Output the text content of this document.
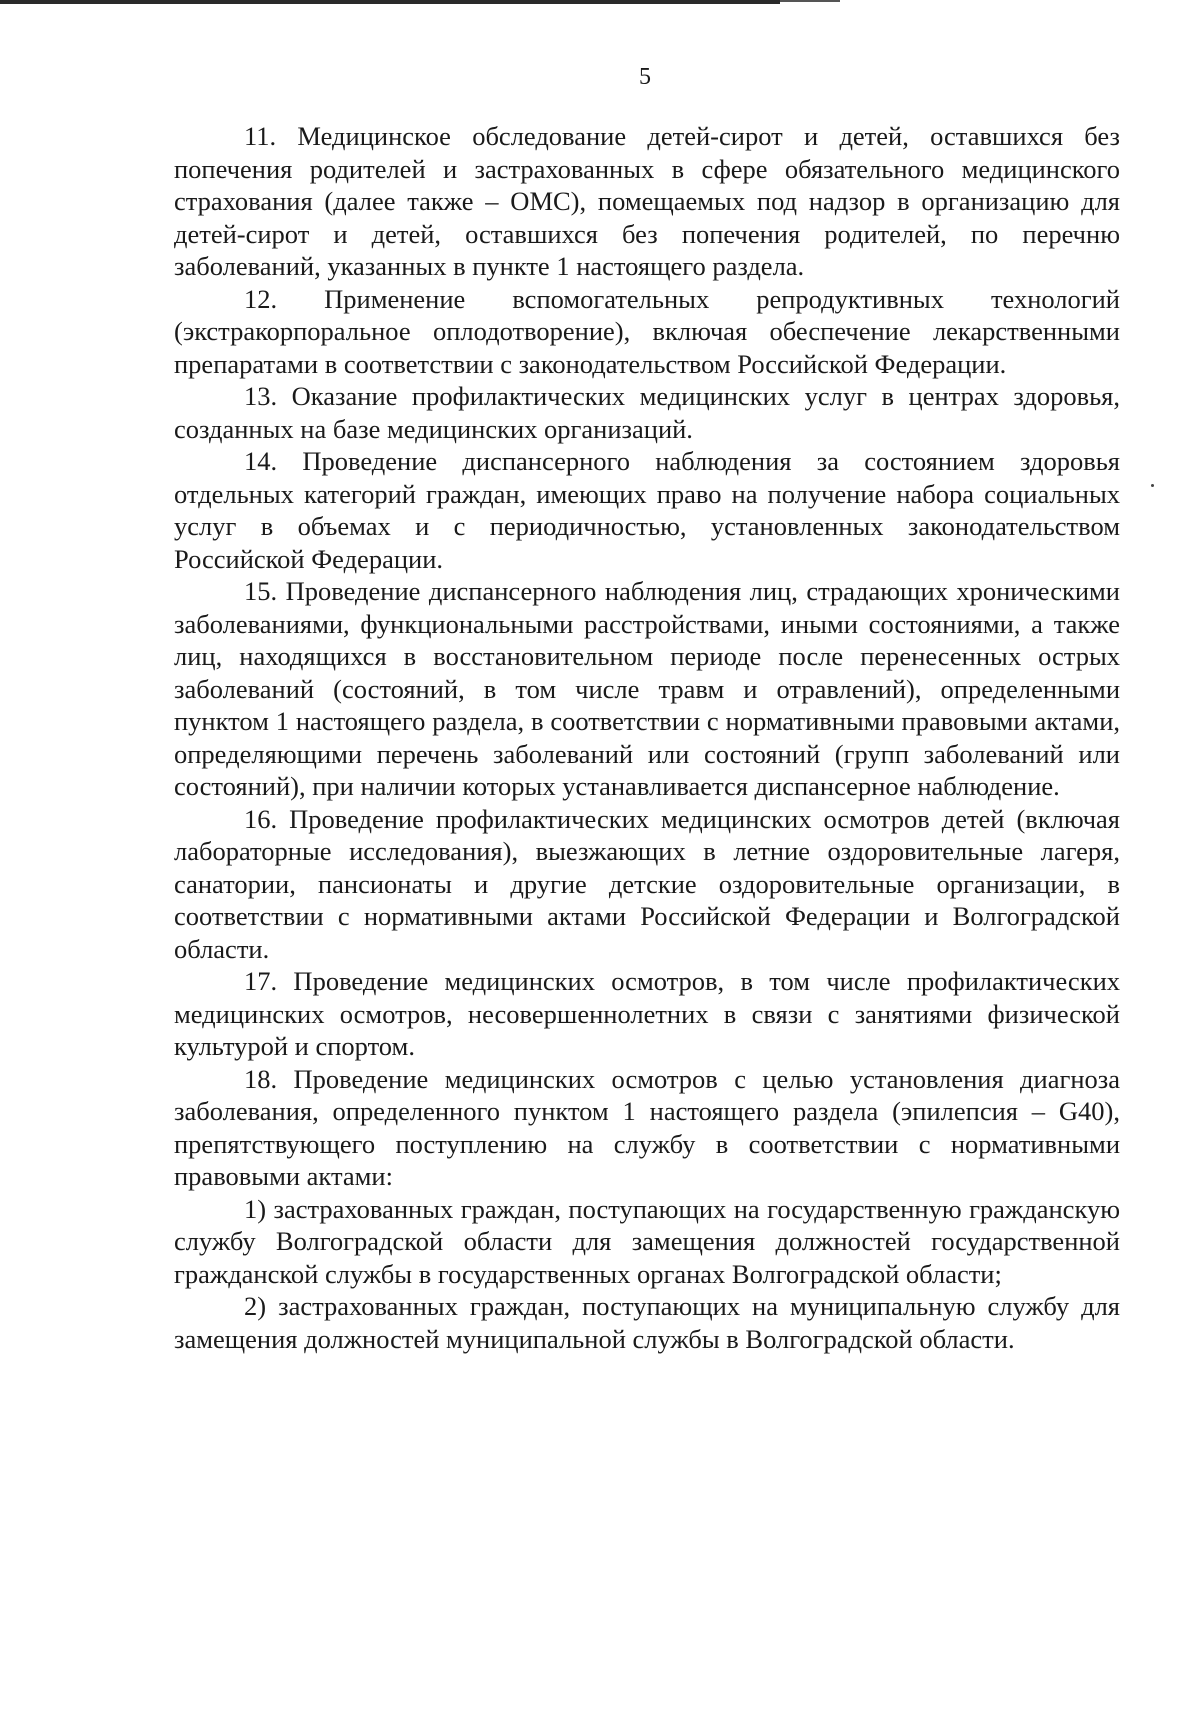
5

11. Медицинское обследование детей-сирот и детей, оставшихся без попечения родителей и застрахованных в сфере обязательного медицинского страхования (далее также – ОМС), помещаемых под надзор в организацию для детей-сирот и детей, оставшихся без попечения родителей, по перечню заболеваний, указанных в пункте 1 настоящего раздела.

12. Применение вспомогательных репродуктивных технологий (экстракорпоральное оплодотворение), включая обеспечение лекарственными препаратами в соответствии с законодательством Российской Федерации.

13. Оказание профилактических медицинских услуг в центрах здоровья, созданных на базе медицинских организаций.

14. Проведение диспансерного наблюдения за состоянием здоровья отдельных категорий граждан, имеющих право на получение набора социальных услуг в объемах и с периодичностью, установленных законодательством Российской Федерации.

15. Проведение диспансерного наблюдения лиц, страдающих хроническими заболеваниями, функциональными расстройствами, иными состояниями, а также лиц, находящихся в восстановительном периоде после перенесенных острых заболеваний (состояний, в том числе травм и отравлений), определенными пунктом 1 настоящего раздела, в соответствии с нормативными правовыми актами, определяющими перечень заболеваний или состояний (групп заболеваний или состояний), при наличии которых устанавливается диспансерное наблюдение.

16. Проведение профилактических медицинских осмотров детей (включая лабораторные исследования), выезжающих в летние оздоровительные лагеря, санатории, пансионаты и другие детские оздоровительные организации, в соответствии с нормативными актами Российской Федерации и Волгоградской области.

17. Проведение медицинских осмотров, в том числе профилактических медицинских осмотров, несовершеннолетних в связи с занятиями физической культурой и спортом.

18. Проведение медицинских осмотров с целью установления диагноза заболевания, определенного пунктом 1 настоящего раздела (эпилепсия – G40), препятствующего поступлению на службу в соответствии с нормативными правовыми актами:

1) застрахованных граждан, поступающих на государственную гражданскую службу Волгоградской области для замещения должностей государственной гражданской службы в государственных органах Волгоградской области;

2) застрахованных граждан, поступающих на муниципальную службу для замещения должностей муниципальной службы в Волгоградской области.
